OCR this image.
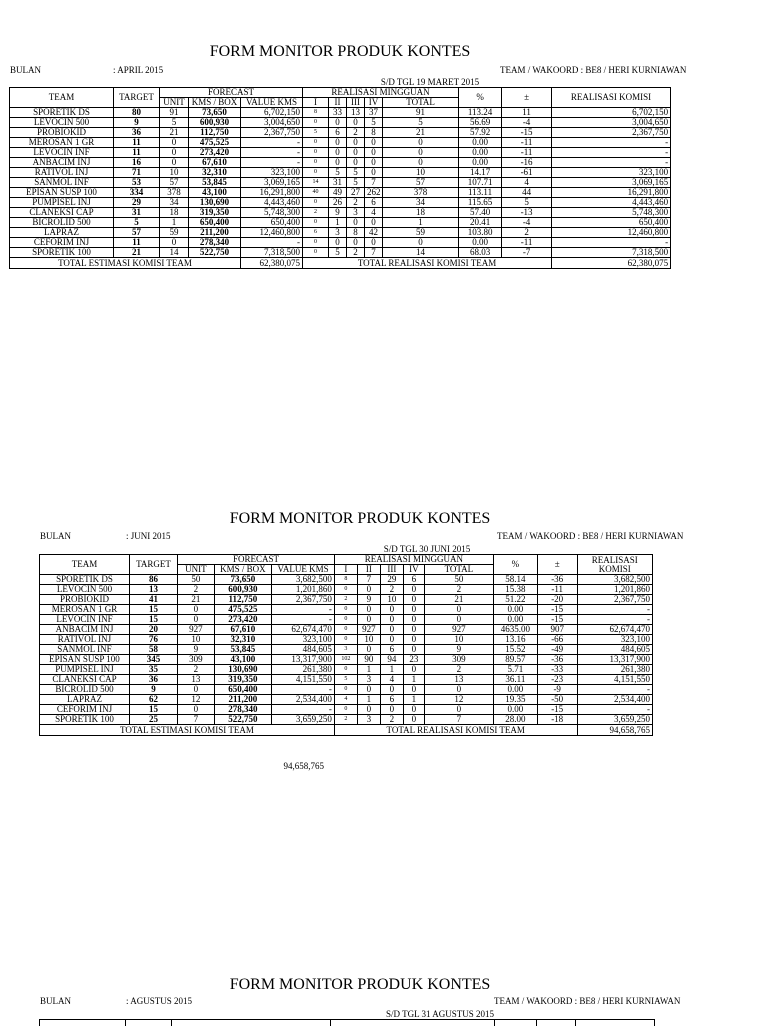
FORM MONITOR PRODUK KONTES
BULAN	: APRIL 2015	TEAM / WAKOORD : BE8 / HERI KURNIAWAN
S/D TGL 19 MARET 2015
TEAM	TARGET	FORECAST			REALISASI MINGGUAN					%	±	REALISASI KOMISI
		UNIT	KMS / BOX	VALUE KMS	I	II	III	IV	TOTAL			
SPORETIK DS	80	91	73,650	6,702,150	8	33	13	37	91	113.24	11	6,702,150
LEVOCIN 500	9	5	600,930	3,004,650	0	0	0	5	5	56.69	-4	3,004,650
PROBIOKID	36	21	112,750	2,367,750	5	6	2	8	21	57.92	-15	2,367,750
MEROSAN 1 GR	11	0	475,525	-	0	0	0	0	0	0.00	-11	-
LEVOCIN INF	11	0	273,420	-	0	0	0	0	0	0.00	-11	-
ANBACIM INJ	16	0	67,610	-	0	0	0	0	0	0.00	-16	-
RATIVOL INJ	71	10	32,310	323,100	0	5	5	0	10	14.17	-61	323,100
SANMOL INF	53	57	53,845	3,069,165	14	31	5	7	57	107.71	4	3,069,165
EPISAN SUSP 100	334	378	43,100	16,291,800	40	49	27	262	378	113.11	44	16,291,800
PUMPISEL INJ	29	34	130,690	4,443,460	0	26	2	6	34	115.65	5	4,443,460
CLANEKSI CAP	31	18	319,350	5,748,300	2	9	3	4	18	57.40	-13	5,748,300
BICROLID 500	5	1	650,400	650,400	0	1	0	0	1	20.41	-4	650,400
LAPRAZ	57	59	211,200	12,460,800	6	3	8	42	59	103.80	2	12,460,800
CEFORIM INJ	11	0	278,340	-	0	0	0	0	0	0.00	-11	-
SPORETIK 100	21	14	522,750	7,318,500	0	5	2	7	14	68.03	-7	7,318,500
TOTAL ESTIMASI KOMISI TEAM				62,380,075	TOTAL REALISASI KOMISI TEAM							62,380,075
FORM MONITOR PRODUK KONTES
BULAN	: JUNI 2015	TEAM / WAKOORD : BE8 / HERI KURNIAWAN
S/D TGL 30 JUNI 2015
TEAM	TARGET	FORECAST			REALISASI MINGGUAN					%	±	REALISASI KOMISI
		UNIT	KMS / BOX	VALUE KMS	I	II	III	IV	TOTAL			
SPORETIK DS	86	50	73,650	3,682,500	8	7	29	6	50	58.14	-36	3,682,500
LEVOCIN 500	13	2	600,930	1,201,860	0	0	2	0	2	15.38	-11	1,201,860
PROBIOKID	41	21	112,750	2,367,750	2	9	10	0	21	51.22	-20	2,367,750
MEROSAN 1 GR	15	0	475,525	-	0	0	0	0	0	0.00	-15	-
LEVOCIN INF	15	0	273,420	-	0	0	0	0	0	0.00	-15	-
ANBACIM INJ	20	927	67,610	62,674,470	0	927	0	0	927	4635.00	907	62,674,470
RATIVOL INJ	76	10	32,310	323,100	0	10	0	0	10	13.16	-66	323,100
SANMOL INF	58	9	53,845	484,605	3	0	6	0	9	15.52	-49	484,605
EPISAN SUSP 100	345	309	43,100	13,317,900	102	90	94	23	309	89.57	-36	13,317,900
PUMPISEL INJ	35	2	130,690	261,380	0	1	1	0	2	5.71	-33	261,380
CLANEKSI CAP	36	13	319,350	4,151,550	5	3	4	1	13	36.11	-23	4,151,550
BICROLID 500	9	0	650,400	-	0	0	0	0	0	0.00	-9	-
LAPRAZ	62	12	211,200	2,534,400	4	1	6	1	12	19.35	-50	2,534,400
CEFORIM INJ	15	0	278,340	-	0	0	0	0	0	0.00	-15	-
SPORETIK 100	25	7	522,750	3,659,250	2	3	2	0	7	28.00	-18	3,659,250
TOTAL ESTIMASI KOMISI TEAM					TOTAL REALISASI KOMISI TEAM							94,658,765
94,658,765
FORM MONITOR PRODUK KONTES
BULAN	: AGUSTUS 2015	TEAM / WAKOORD : BE8 / HERI KURNIAWAN
S/D TGL 31 AGUSTUS 2015
